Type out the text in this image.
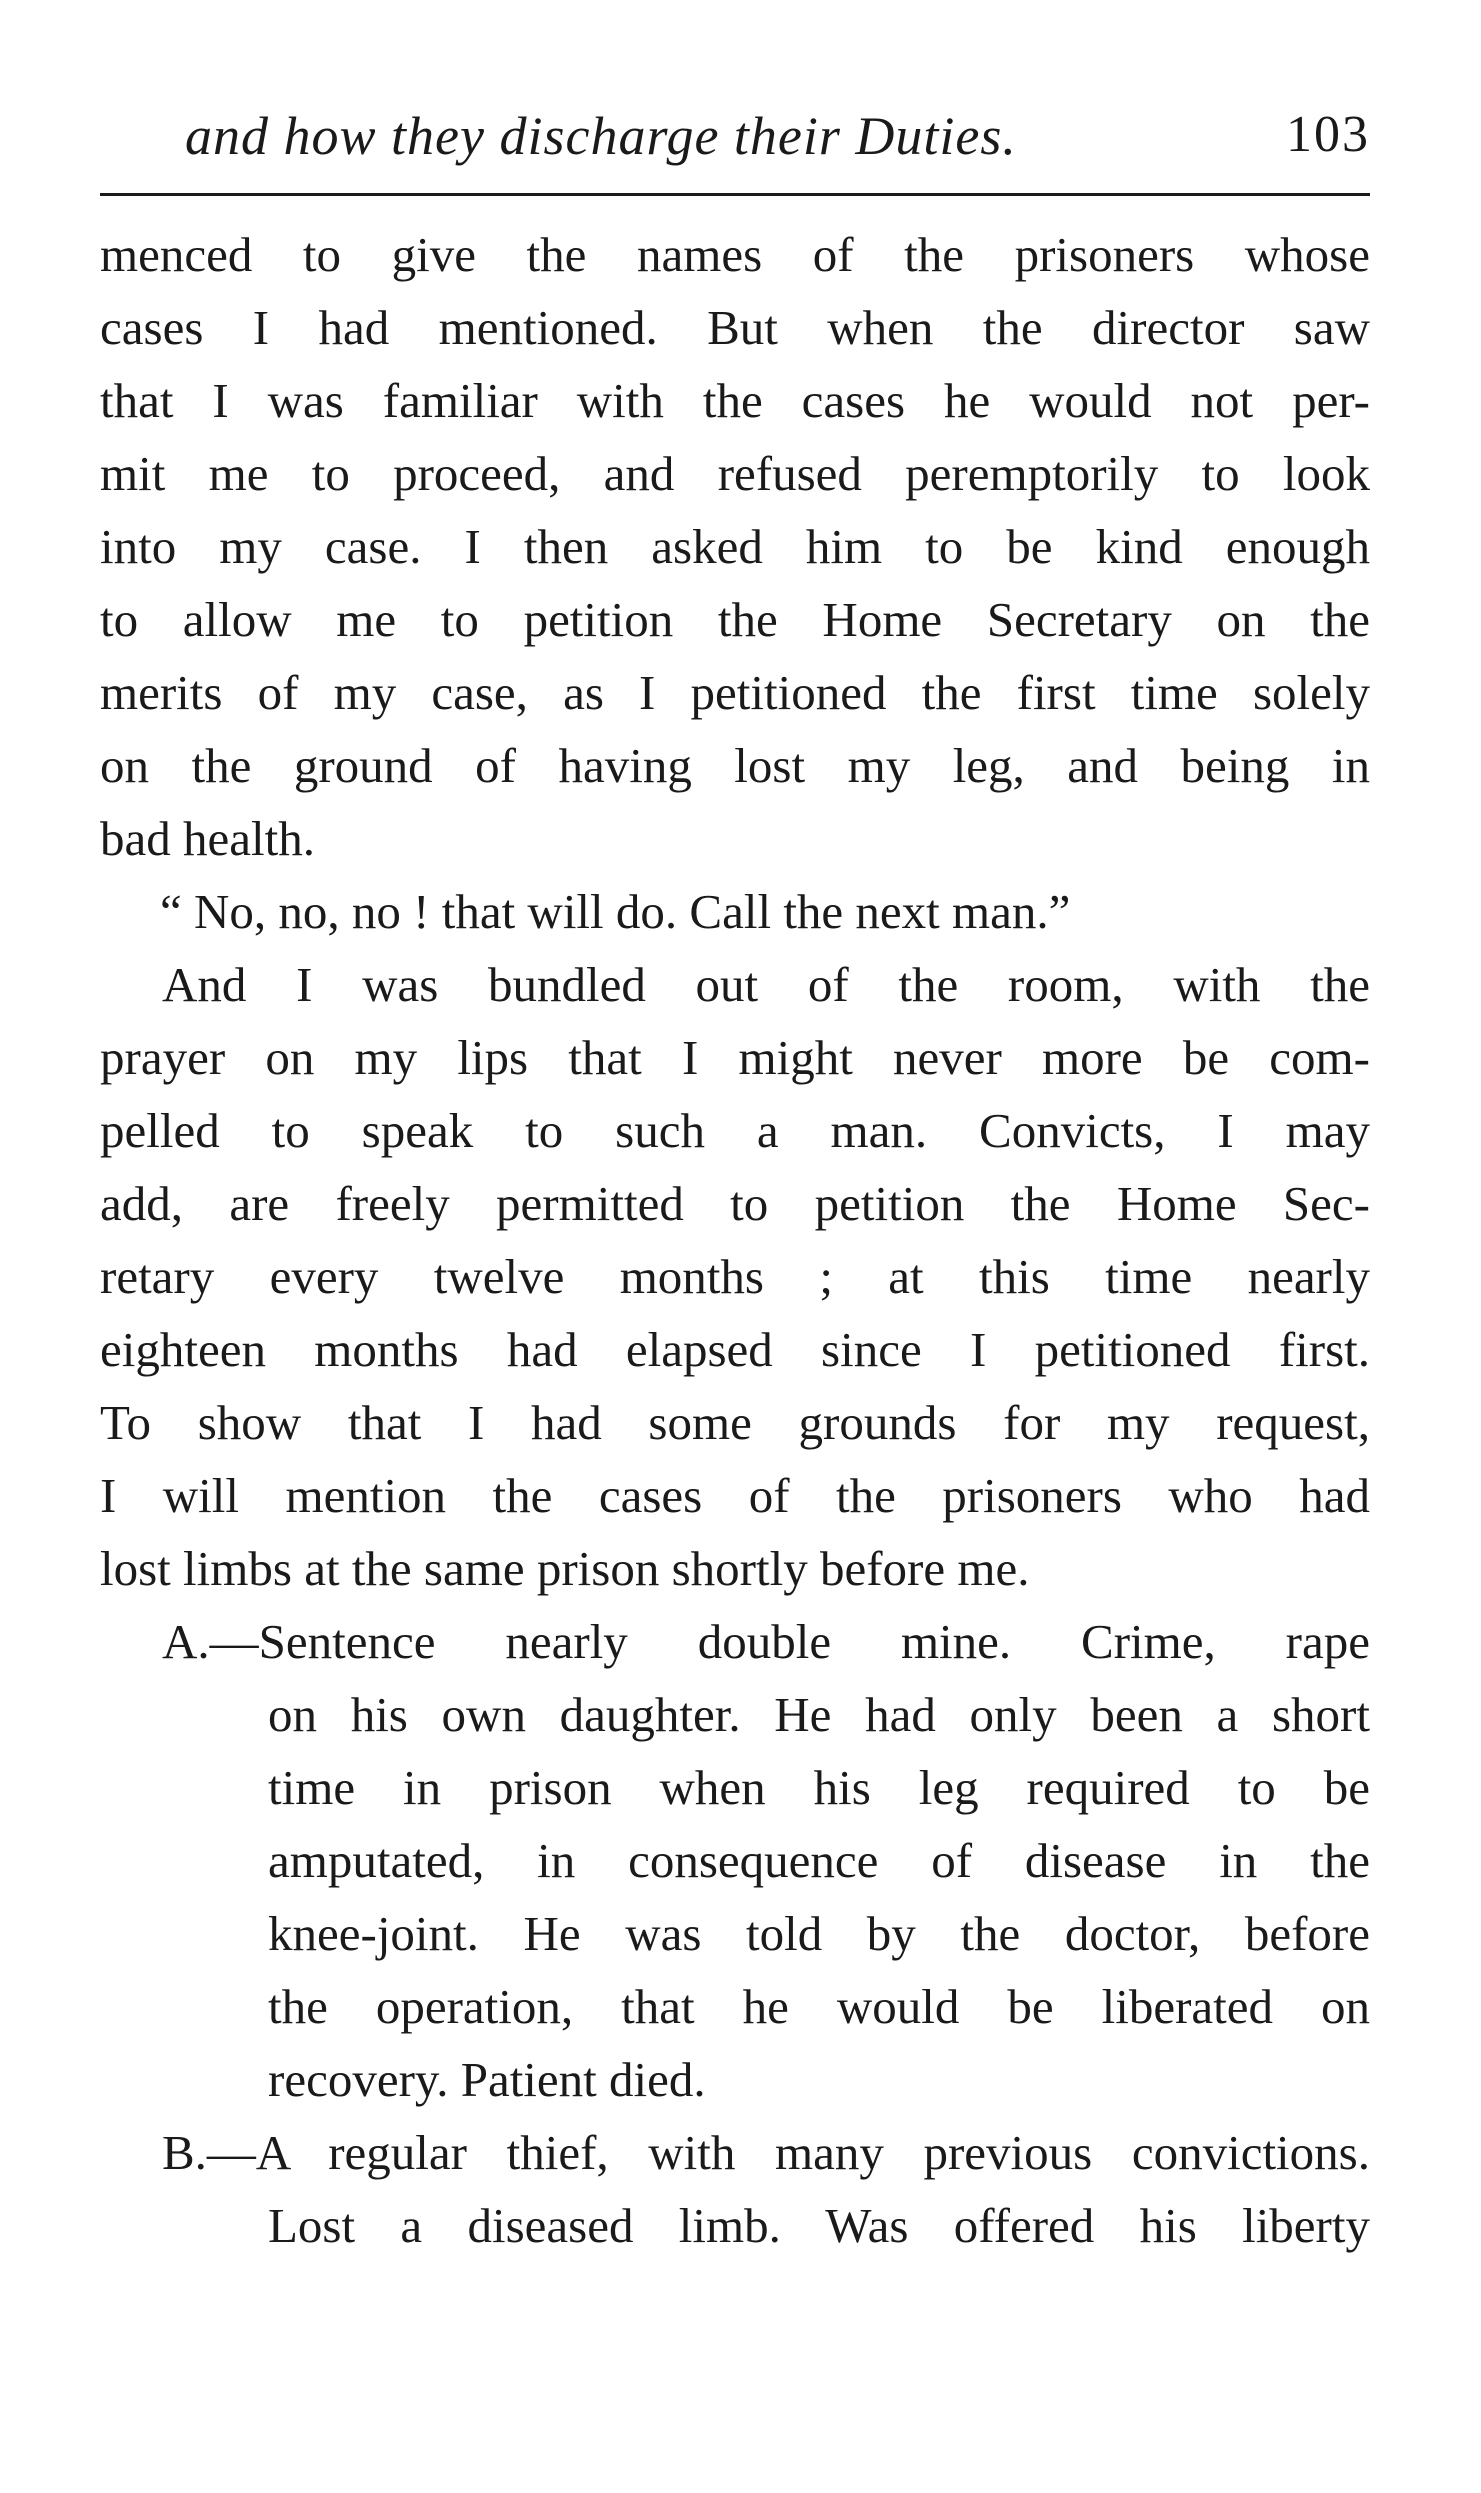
and how they discharge their Duties.	103
menced to give the names of the prisoners whose
cases I had mentioned. But when the director saw
that I was familiar with the cases he would not per-
mit me to proceed, and refused peremptorily to look
into my case. I then asked him to be kind enough
to allow me to petition the Home Secretary on the
merits of my case, as I petitioned the first time solely
on the ground of having lost my leg, and being in
bad health.
“ No, no, no ! that will do. Call the next man.”
And I was bundled out of the room, with the
prayer on my lips that I might never more be com-
pelled to speak to such a man. Convicts, I may
add, are freely permitted to petition the Home Sec-
retary every twelve months ; at this time nearly
eighteen months had elapsed since I petitioned first.
To show that I had some grounds for my request,
I will mention the cases of the prisoners who had
lost limbs at the same prison shortly before me.
A.—Sentence nearly double mine. Crime, rape
on his own daughter. He had only been a short
time in prison when his leg required to be
amputated, in consequence of disease in the
knee-joint. He was told by the doctor, before
the operation, that he would be liberated on
recovery. Patient died.
B.—A regular thief, with many previous convictions.
Lost a diseased limb. Was offered his liberty
